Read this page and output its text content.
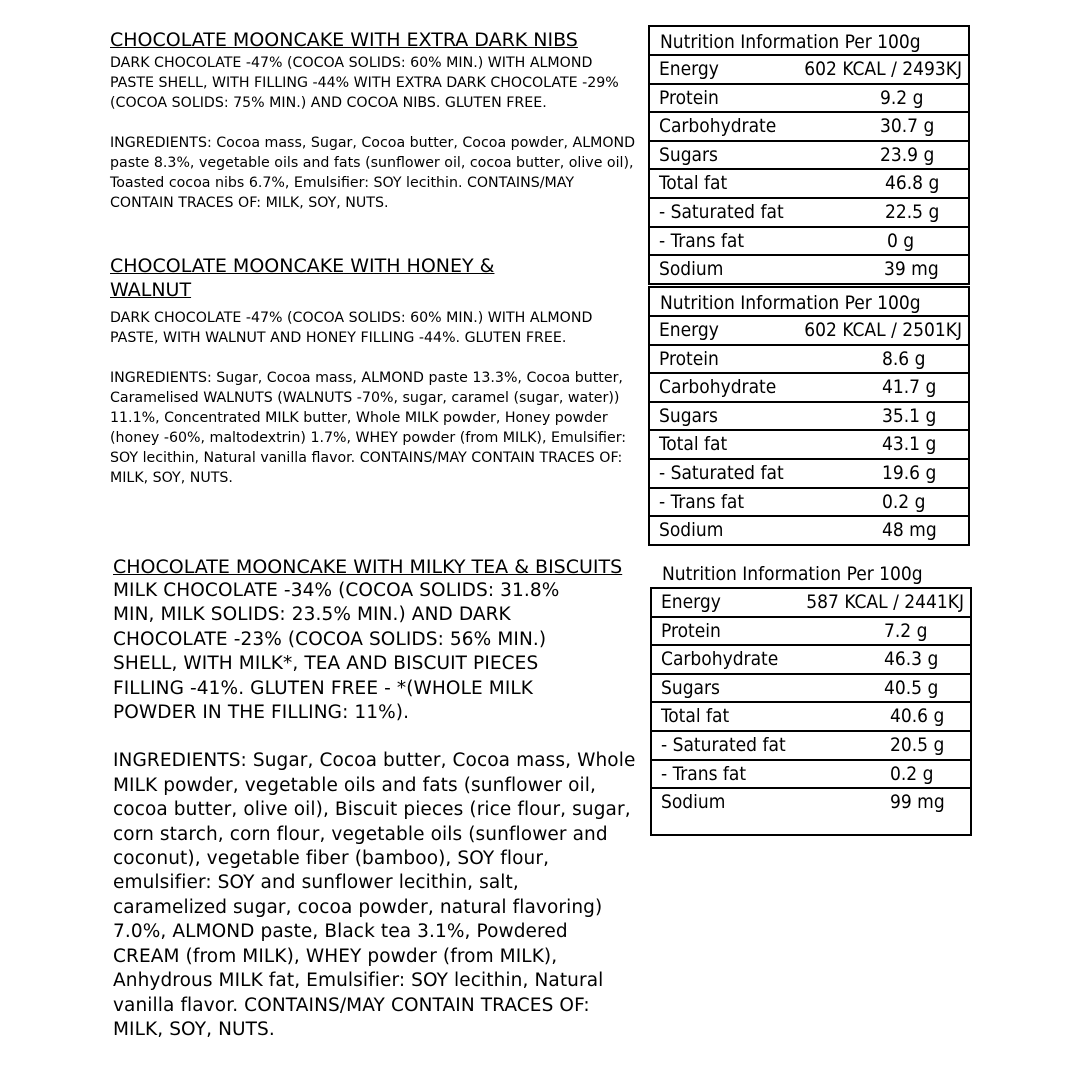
CHOCOLATE MOONCAKE WITH EXTRA DARK NIBS

DARK CHOCOLATE -47% (COCOA SOLIDS: 60% MIN.) WITH ALMOND PASTE SHELL, WITH FILLING -44% WITH EXTRA DARK CHOCOLATE -29% (COCOA SOLIDS: 75% MIN.) AND COCOA NIBS. GLUTEN FREE.

INGREDIENTS: Cocoa mass, Sugar, Cocoa butter, Cocoa powder, ALMOND paste 8.3%, vegetable oils and fats (sunflower oil, cocoa butter, olive oil), Toasted cocoa nibs 6.7%, Emulsifier: SOY lecithin. CONTAINS/MAY CONTAIN TRACES OF: MILK, SOY, NUTS.

Nutrition Information Per 100g
Energy	602 KCAL / 2493KJ
Protein	9.2 g
Carbohydrate	30.7 g
Sugars	23.9 g
Total fat	46.8 g
- Saturated fat	22.5 g
- Trans fat	0 g
Sodium	39 mg
CHOCOLATE MOONCAKE WITH HONEY &
WALNUT

DARK CHOCOLATE -47% (COCOA SOLIDS: 60% MIN.) WITH ALMOND PASTE, WITH WALNUT AND HONEY FILLING -44%. GLUTEN FREE.

INGREDIENTS: Sugar, Cocoa mass, ALMOND paste 13.3%, Cocoa butter, Caramelised WALNUTS (WALNUTS -70%, sugar, caramel (sugar, water)) 11.1%, Concentrated MILK butter, Whole MILK powder, Honey powder (honey -60%, maltodextrin) 1.7%, WHEY powder (from MILK), Emulsifier: SOY lecithin, Natural vanilla flavor. CONTAINS/MAY CONTAIN TRACES OF: MILK, SOY, NUTS.

Nutrition Information Per 100g
Energy	602 KCAL / 2501KJ
Protein	8.6 g
Carbohydrate	41.7 g
Sugars	35.1 g
Total fat	43.1 g
- Saturated fat	19.6 g
- Trans fat	0.2 g
Sodium	48 mg
CHOCOLATE MOONCAKE WITH MILKY TEA & BISCUITS

MILK CHOCOLATE -34% (COCOA SOLIDS: 31.8% MIN, MILK SOLIDS: 23.5% MIN.) AND DARK CHOCOLATE -23% (COCOA SOLIDS: 56% MIN.) SHELL, WITH MILK*, TEA AND BISCUIT PIECES FILLING -41%. GLUTEN FREE - *(WHOLE MILK POWDER IN THE FILLING: 11%).

INGREDIENTS: Sugar, Cocoa butter, Cocoa mass, Whole MILK powder, vegetable oils and fats (sunflower oil, cocoa butter, olive oil), Biscuit pieces (rice flour, sugar, corn starch, corn flour, vegetable oils (sunflower and coconut), vegetable fiber (bamboo), SOY flour, emulsifier: SOY and sunflower lecithin, salt, caramelized sugar, cocoa powder, natural flavoring) 7.0%, ALMOND paste, Black tea 3.1%, Powdered CREAM (from MILK), WHEY powder (from MILK), Anhydrous MILK fat, Emulsifier: SOY lecithin, Natural vanilla flavor. CONTAINS/MAY CONTAIN TRACES OF: MILK, SOY, NUTS.

Nutrition Information Per 100g
Energy	587 KCAL / 2441KJ
Protein	7.2 g
Carbohydrate	46.3 g
Sugars	40.5 g
Total fat	40.6 g
- Saturated fat	20.5 g
- Trans fat	0.2 g
Sodium	99 mg
